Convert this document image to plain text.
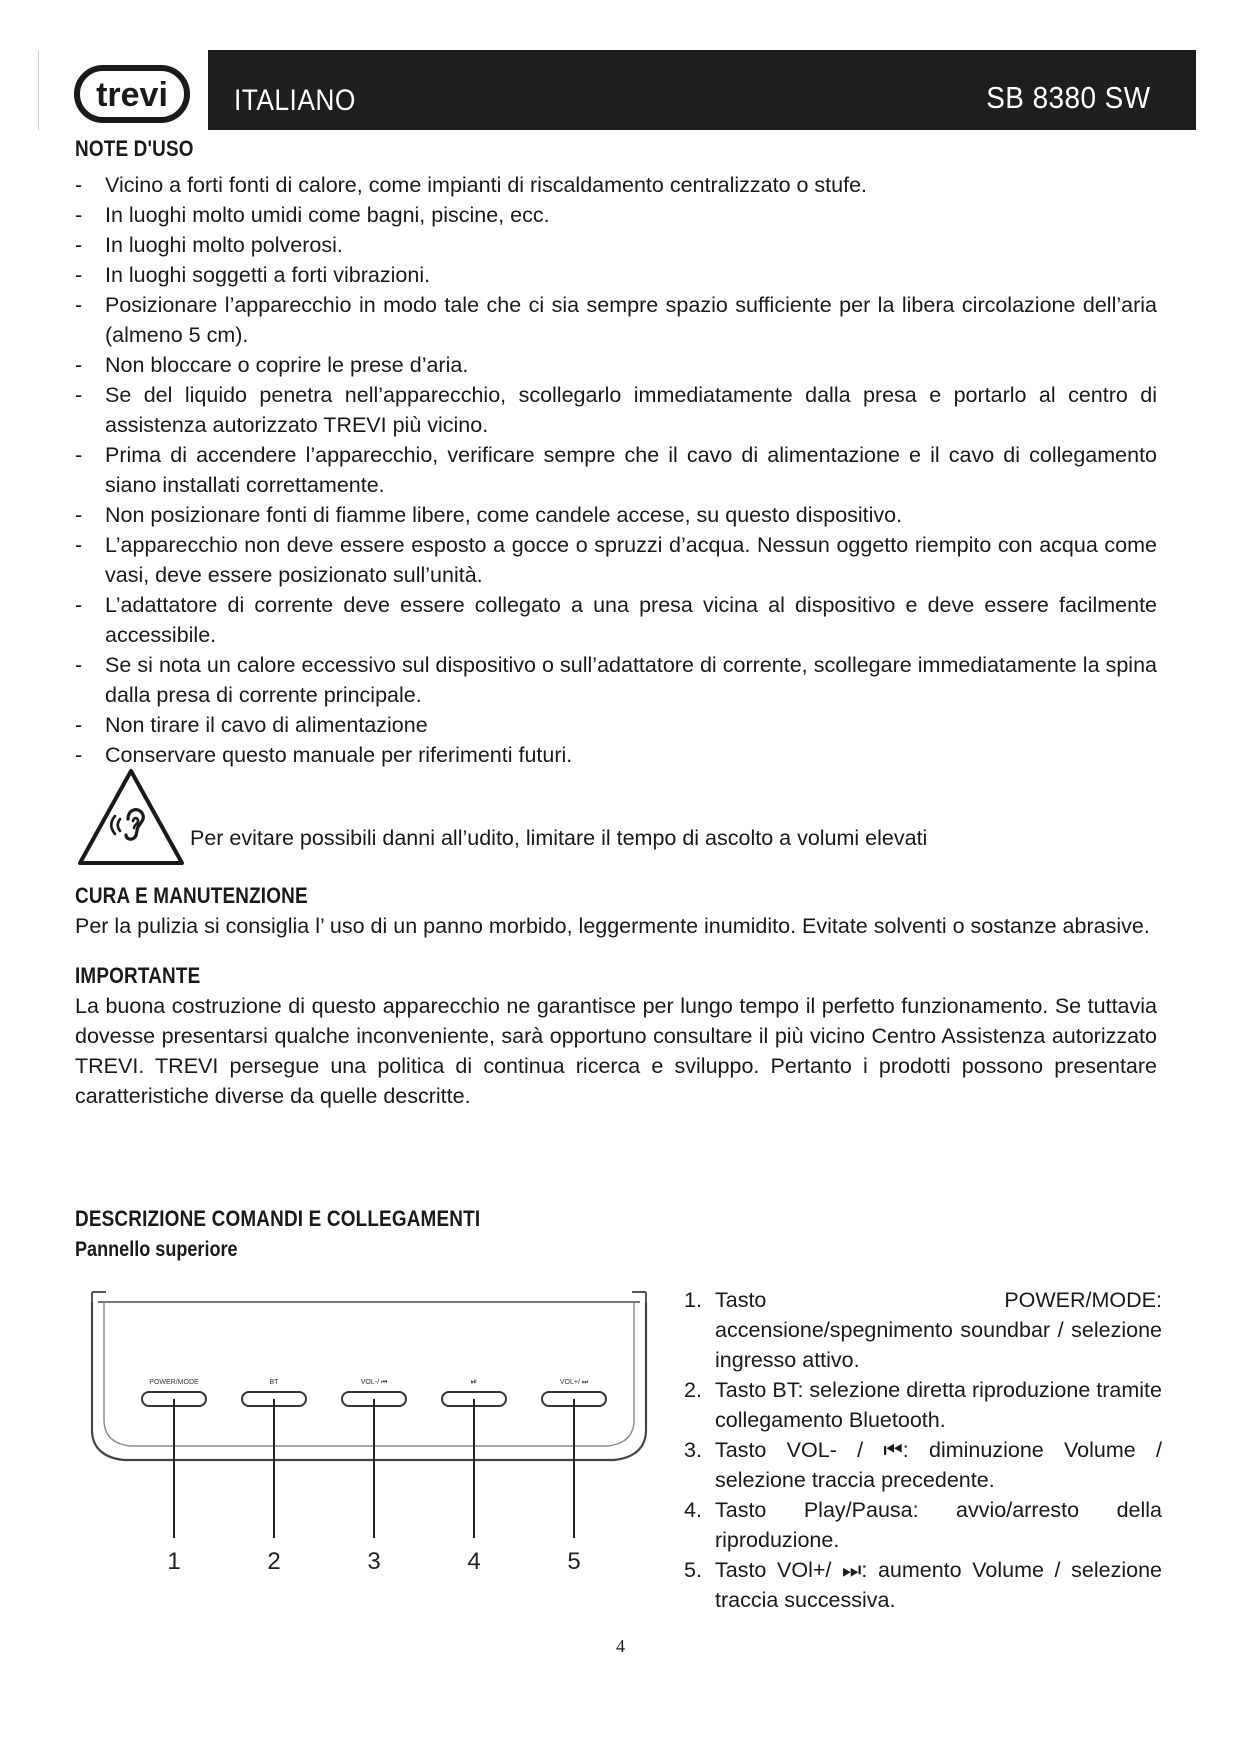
trevi ITALIANO	SB 8380 SW
NOTE D'USO
- Vicino a forti fonti di calore, come impianti di riscaldamento centralizzato o stufe.
- In luoghi molto umidi come bagni, piscine, ecc.
- In luoghi molto polverosi.
- In luoghi soggetti a forti vibrazioni.
- Posizionare l’apparecchio in modo tale che ci sia sempre spazio sufficiente per la libera circolazione dell’aria (almeno 5 cm).
- Non bloccare o coprire le prese d’aria.
- Se del liquido penetra nell’apparecchio, scollegarlo immediatamente dalla presa e portarlo al centro di assistenza autorizzato TREVI più vicino.
- Prima di accendere l’apparecchio, verificare sempre che il cavo di alimentazione e il cavo di collegamento siano installati correttamente.
- Non posizionare fonti di fiamme libere, come candele accese, su questo dispositivo.
- L’apparecchio non deve essere esposto a gocce o spruzzi d’acqua. Nessun oggetto riempito con acqua come vasi, deve essere posizionato sull’unità.
- L’adattatore di corrente deve essere collegato a una presa vicina al dispositivo e deve essere facilmente accessibile.
- Se si nota un calore eccessivo sul dispositivo o sull’adattatore di corrente, scollegare immediatamente la spina dalla presa di corrente principale.
- Non tirare il cavo di alimentazione
- Conservare questo manuale per riferimenti futuri.
Per evitare possibili danni all’udito, limitare il tempo di ascolto a volumi elevati
CURA E MANUTENZIONE
Per la pulizia si consiglia l’ uso di un panno morbido, leggermente inumidito. Evitate solventi o sostanze abrasive.
IMPORTANTE
La buona costruzione di questo apparecchio ne garantisce per lungo tempo il perfetto funzionamento. Se tuttavia dovesse presentarsi qualche inconveniente, sarà opportuno consultare il più vicino Centro Assistenza autorizzato TREVI. TREVI persegue una politica di continua ricerca e sviluppo. Pertanto i prodotti possono presentare caratteristiche diverse da quelle descritte.
DESCRIZIONE COMANDI E COLLEGAMENTI
Pannello superiore
POWER/MODE	BT	VOL-/ ⏮	⏯	VOL+/ ⏭
1	2	3	4	5
1. Tasto POWER/MODE: accensione/spegnimento soundbar / selezione ingresso attivo.
2. Tasto BT: selezione diretta riproduzione tramite collegamento Bluetooth.
3. Tasto VOL- / ⏮: diminuzione Volume / selezione traccia precedente.
4. Tasto Play/Pausa: avvio/arresto della riproduzione.
5. Tasto VOl+/ ⏭: aumento Volume / selezione traccia successiva.
4
